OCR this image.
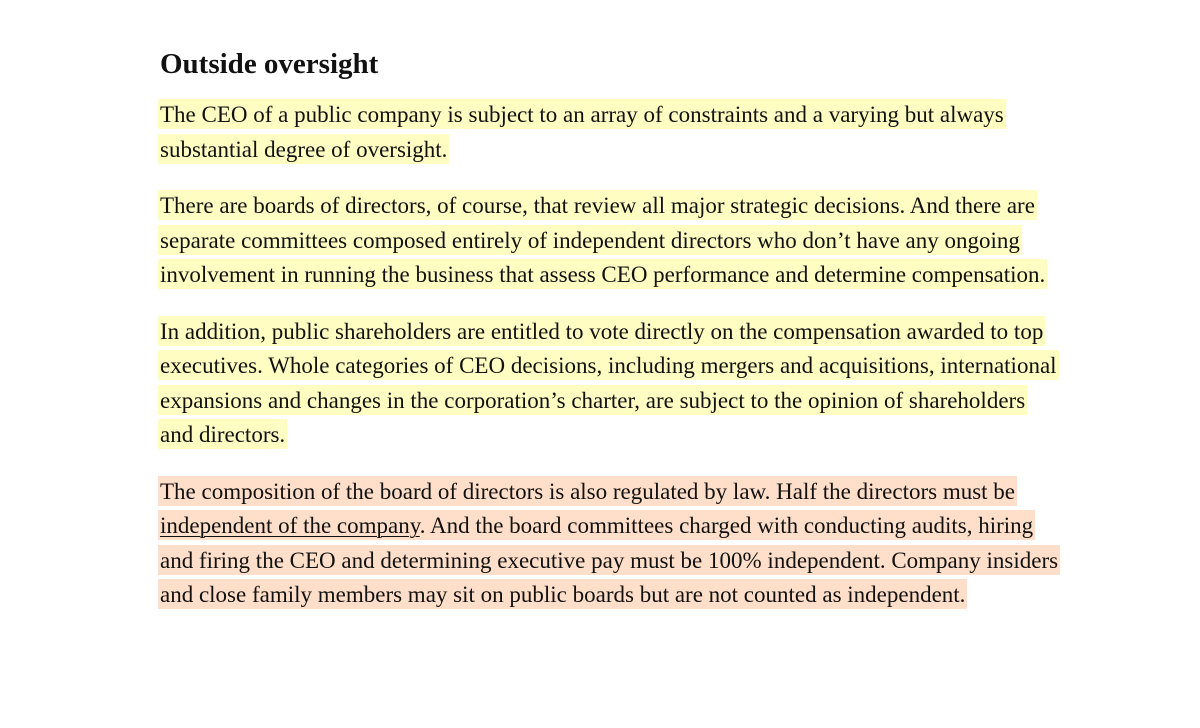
Outside oversight

The CEO of a public company is subject to an array of constraints and a varying but always substantial degree of oversight.

There are boards of directors, of course, that review all major strategic decisions. And there are separate committees composed entirely of independent directors who don’t have any ongoing involvement in running the business that assess CEO performance and determine compensation.

In addition, public shareholders are entitled to vote directly on the compensation awarded to top executives. Whole categories of CEO decisions, including mergers and acquisitions, international expansions and changes in the corporation’s charter, are subject to the opinion of shareholders and directors.

The composition of the board of directors is also regulated by law. Half the directors must be independent of the company. And the board committees charged with conducting audits, hiring and firing the CEO and determining executive pay must be 100% independent. Company insiders and close family members may sit on public boards but are not counted as independent.
